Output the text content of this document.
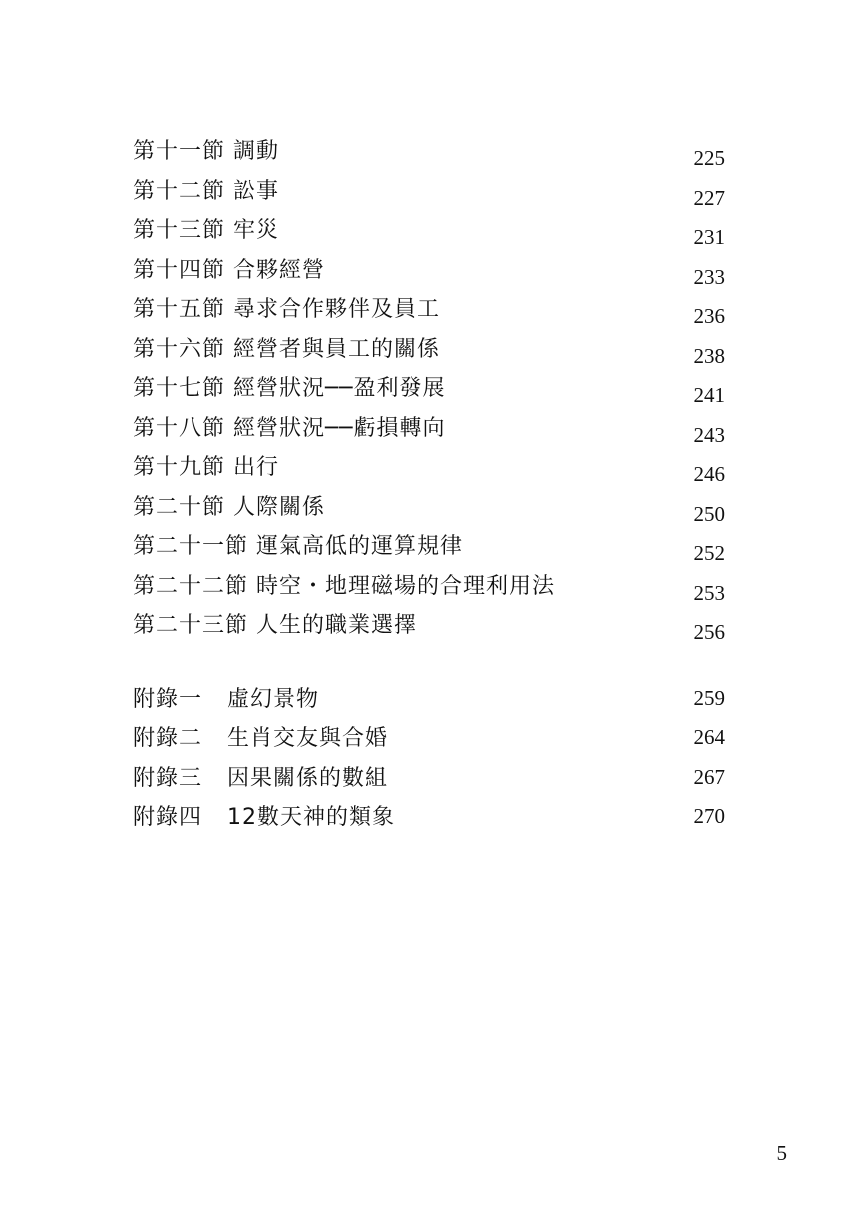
第十一節 調動	225
第十二節 訟事	227
第十三節 牢災	231
第十四節 合夥經營	233
第十五節 尋求合作夥伴及員工	236
第十六節 經營者與員工的關係	238
第十七節 經營狀況──盈利發展	241
第十八節 經營狀況──虧損轉向	243
第十九節 出行	246
第二十節 人際關係	250
第二十一節 運氣高低的運算規律	252
第二十二節 時空・地理磁場的合理利用法	253
第二十三節 人生的職業選擇	256
附錄一 虛幻景物	259
附錄二 生肖交友與合婚	264
附錄三 因果關係的數組	267
附錄四 12數天神的類象	270
5
